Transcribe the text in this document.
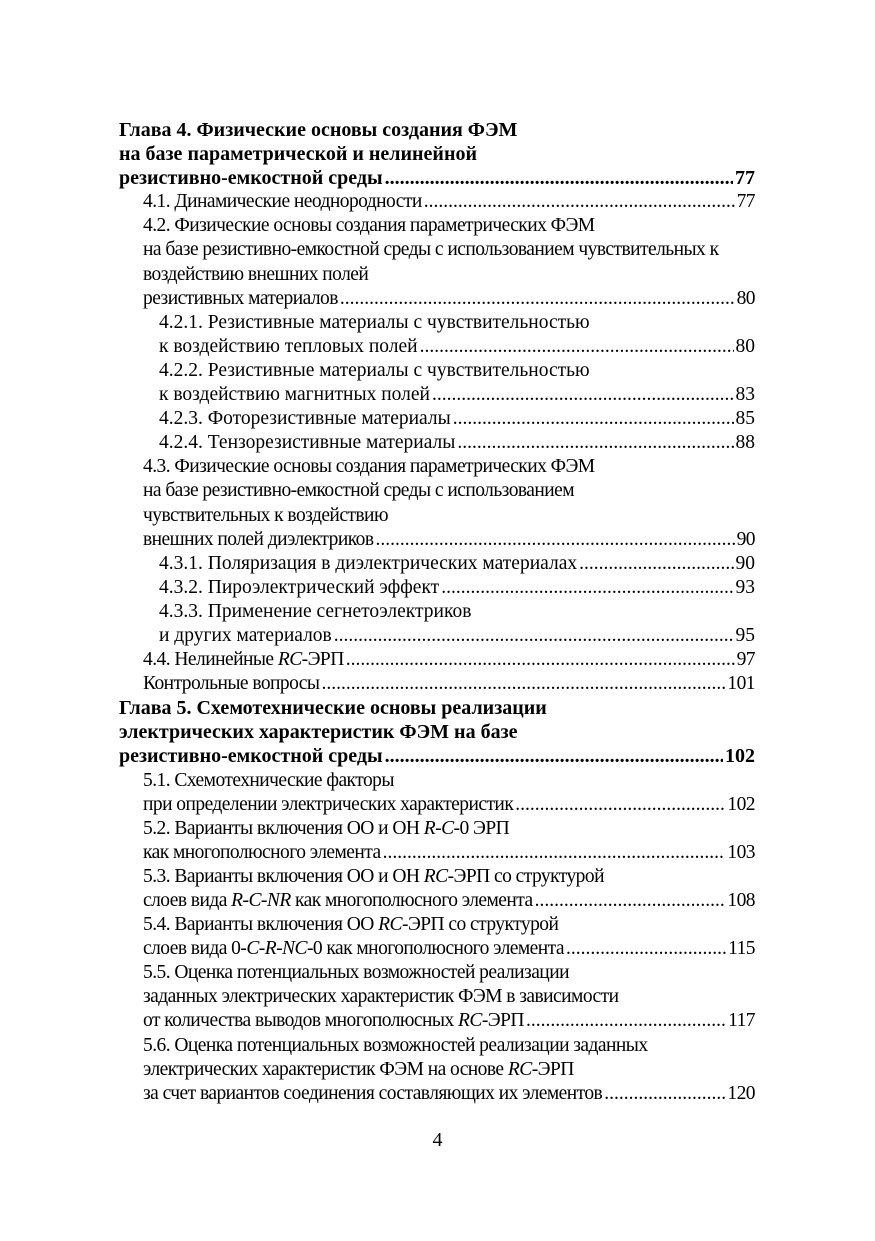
Глава 4. Физические основы создания ФЭМ
на базе параметрической и нелинейной
резистивно-емкостной среды .....	77
4.1. Динамические неоднородности .....	77
4.2. Физические основы создания параметрических ФЭМ
на базе резистивно-емкостной среды с использованием чувствительных к
воздействию внешних полей
резистивных материалов .....	80
4.2.1. Резистивные материалы с чувствительностью
к воздействию тепловых полей .....	80
4.2.2. Резистивные материалы с чувствительностью
к воздействию магнитных полей .....	83
4.2.3. Фоторезистивные материалы .....	85
4.2.4. Тензорезистивные материалы .....	88
4.3. Физические основы создания параметрических ФЭМ
на базе резистивно-емкостной среды с использованием
чувствительных к воздействию
внешних полей диэлектриков .....	90
4.3.1. Поляризация в диэлектрических материалах .....	90
4.3.2. Пироэлектрический эффект .....	93
4.3.3. Применение сегнетоэлектриков
и других материалов .....	95
4.4. Нелинейные RC-ЭРП .....	97
Контрольные вопросы .....	101
Глава 5. Схемотехнические основы реализации
электрических характеристик ФЭМ на базе
резистивно-емкостной среды .....	102
5.1. Схемотехнические факторы
при определении электрических характеристик .....	102
5.2. Варианты включения ОО и ОН R-C-0 ЭРП
как многополюсного элемента .....	103
5.3. Варианты включения ОО и ОН RC-ЭРП со структурой
слоев вида R-C-NR как многополюсного элемента .....	108
5.4. Варианты включения ОО RC-ЭРП со структурой
слоев вида 0-C-R-NC-0 как многополюсного элемента .....	115
5.5. Оценка потенциальных возможностей реализации
заданных электрических характеристик ФЭМ в зависимости
от количества выводов многополюсных RC-ЭРП .....	117
5.6. Оценка потенциальных возможностей реализации заданных
электрических характеристик ФЭМ на основе RC-ЭРП
за счет вариантов соединения составляющих их элементов .....	120
4
